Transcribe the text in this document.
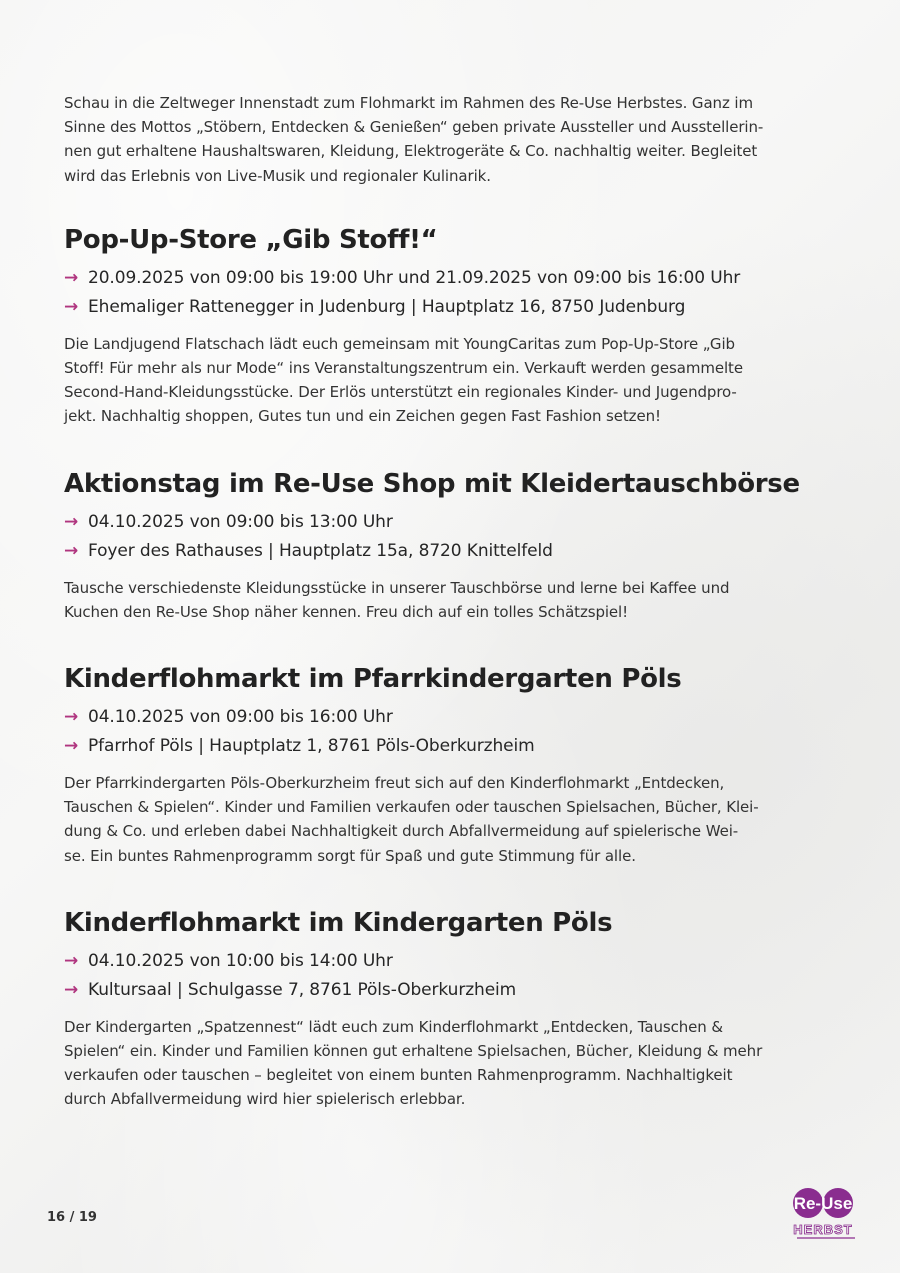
Schau in die Zeltweger Innenstadt zum Flohmarkt im Rahmen des Re-Use Herbstes. Ganz im
Sinne des Mottos „Stöbern, Entdecken & Genießen“ geben private Aussteller und Ausstellerin-
nen gut erhaltene Haushaltswaren, Kleidung, Elektrogeräte & Co. nachhaltig weiter. Begleitet
wird das Erlebnis von Live-Musik und regionaler Kulinarik.

Pop-Up-Store „Gib Stoff!“
→ 20.09.2025 von 09:00 bis 19:00 Uhr und 21.09.2025 von 09:00 bis 16:00 Uhr
→ Ehemaliger Rattenegger in Judenburg | Hauptplatz 16, 8750 Judenburg

Die Landjugend Flatschach lädt euch gemeinsam mit YoungCaritas zum Pop-Up-Store „Gib
Stoff! Für mehr als nur Mode“ ins Veranstaltungszentrum ein. Verkauft werden gesammelte
Second-Hand-Kleidungsstücke. Der Erlös unterstützt ein regionales Kinder- und Jugendpro-
jekt. Nachhaltig shoppen, Gutes tun und ein Zeichen gegen Fast Fashion setzen!

Aktionstag im Re-Use Shop mit Kleidertauschbörse
→ 04.10.2025 von 09:00 bis 13:00 Uhr
→ Foyer des Rathauses | Hauptplatz 15a, 8720 Knittelfeld

Tausche verschiedenste Kleidungsstücke in unserer Tauschbörse und lerne bei Kaffee und
Kuchen den Re-Use Shop näher kennen. Freu dich auf ein tolles Schätzspiel!

Kinderflohmarkt im Pfarrkindergarten Pöls
→ 04.10.2025 von 09:00 bis 16:00 Uhr
→ Pfarrhof Pöls | Hauptplatz 1, 8761 Pöls-Oberkurzheim

Der Pfarrkindergarten Pöls-Oberkurzheim freut sich auf den Kinderflohmarkt „Entdecken,
Tauschen & Spielen“. Kinder und Familien verkaufen oder tauschen Spielsachen, Bücher, Klei-
dung & Co. und erleben dabei Nachhaltigkeit durch Abfallvermeidung auf spielerische Wei-
se. Ein buntes Rahmenprogramm sorgt für Spaß und gute Stimmung für alle.

Kinderflohmarkt im Kindergarten Pöls
→ 04.10.2025 von 10:00 bis 14:00 Uhr
→ Kultursaal | Schulgasse 7, 8761 Pöls-Oberkurzheim

Der Kindergarten „Spatzennest“ lädt euch zum Kinderflohmarkt „Entdecken, Tauschen &
Spielen“ ein. Kinder und Familien können gut erhaltene Spielsachen, Bücher, Kleidung & mehr
verkaufen oder tauschen – begleitet von einem bunten Rahmenprogramm. Nachhaltigkeit
durch Abfallvermeidung wird hier spielerisch erlebbar.

16 / 19
Re-Use
HERBST
